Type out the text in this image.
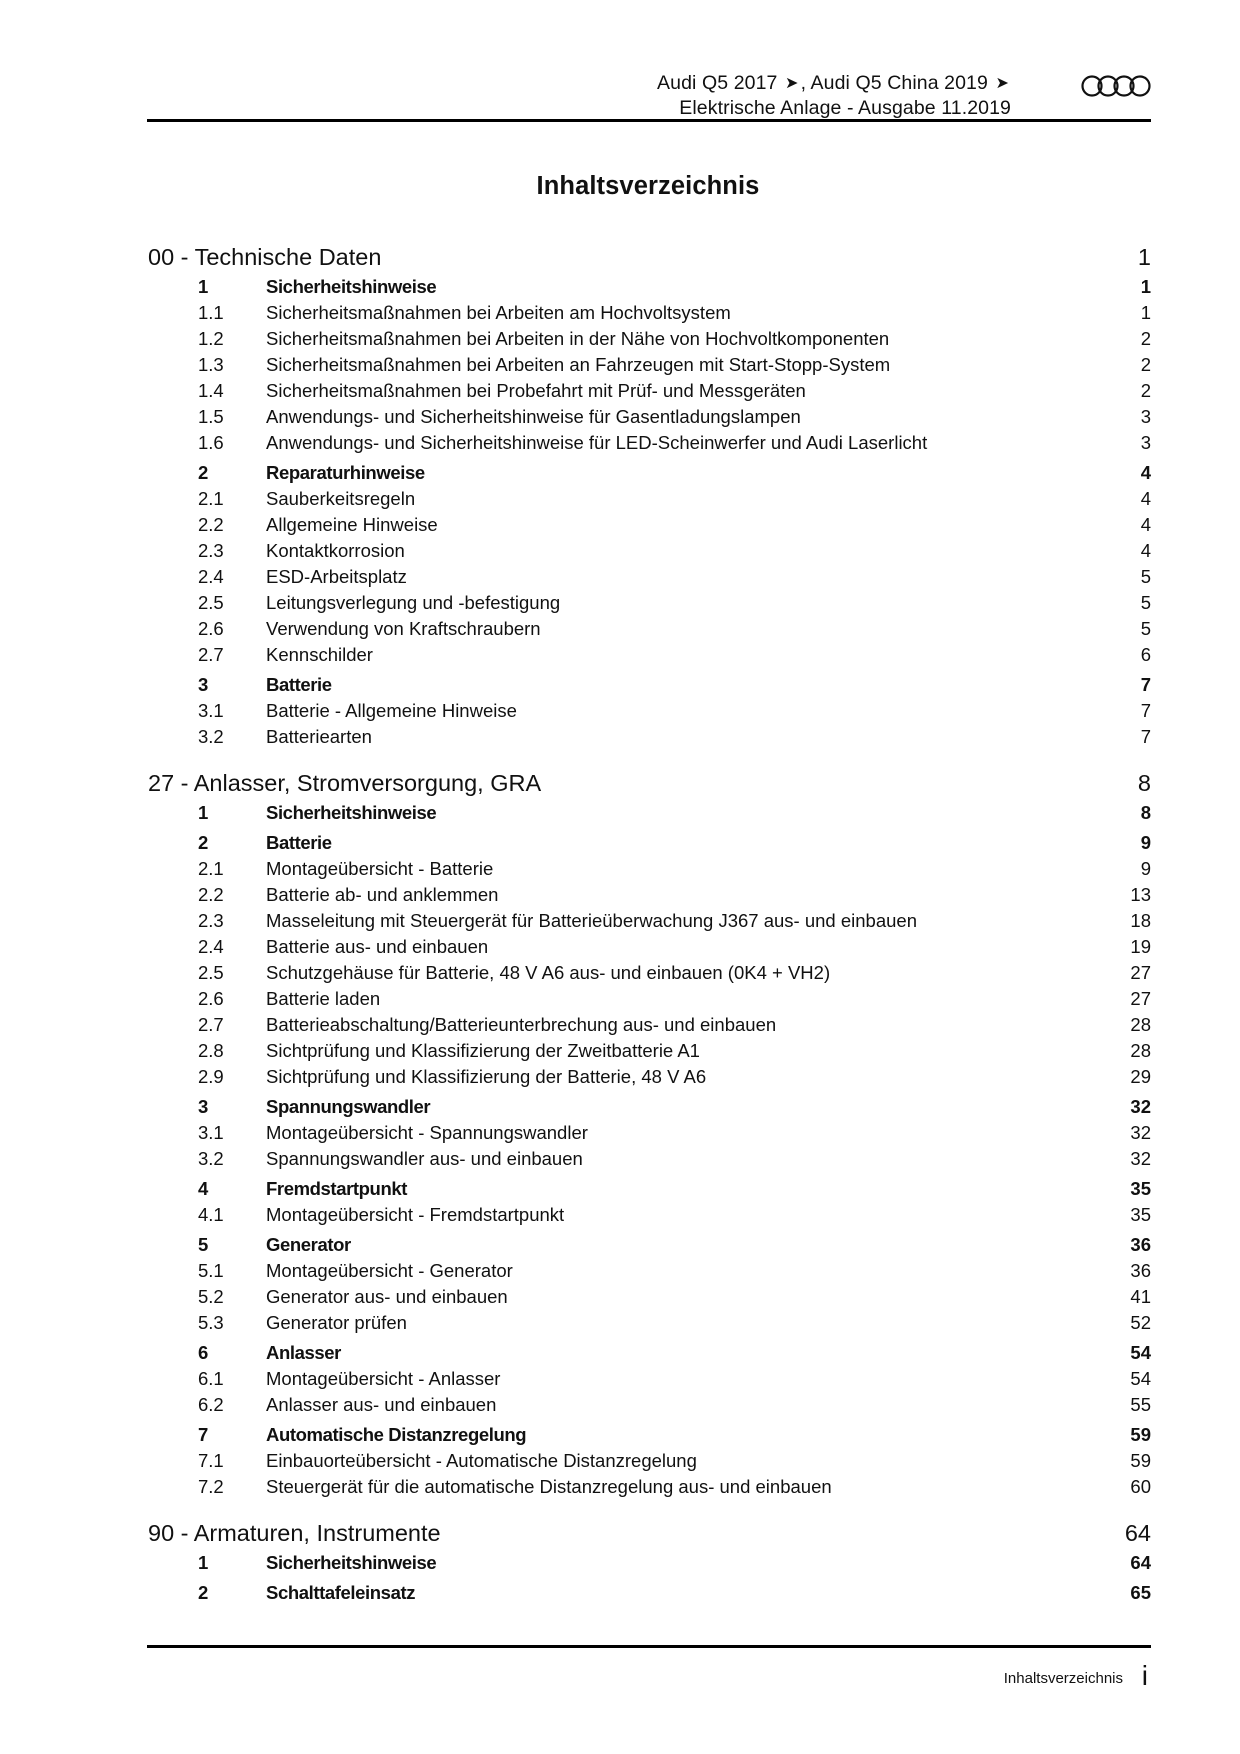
Audi Q5 2017 ➤ , Audi Q5 China 2019 ➤
Elektrische Anlage - Ausgabe 11.2019
Inhaltsverzeichnis
00 - Technische Daten	1
1	Sicherheitshinweise	1
1.1 Sicherheitsmaßnahmen bei Arbeiten am Hochvoltsystem	1
1.2 Sicherheitsmaßnahmen bei Arbeiten in der Nähe von Hochvoltkomponenten	2
1.3 Sicherheitsmaßnahmen bei Arbeiten an Fahrzeugen mit Start-Stopp-System	2
1.4 Sicherheitsmaßnahmen bei Probefahrt mit Prüf- und Messgeräten	2
1.5 Anwendungs- und Sicherheitshinweise für Gasentladungslampen	3
1.6 Anwendungs- und Sicherheitshinweise für LED-Scheinwerfer und Audi Laserlicht	3
2	Reparaturhinweise	4
2.1 Sauberkeitsregeln	4
2.2 Allgemeine Hinweise	4
2.3 Kontaktkorrosion	4
2.4 ESD-Arbeitsplatz	5
2.5 Leitungsverlegung und -befestigung	5
2.6 Verwendung von Kraftschraubern	5
2.7 Kennschilder	6
3	Batterie	7
3.1 Batterie - Allgemeine Hinweise	7
3.2 Batteriearten	7
27 - Anlasser, Stromversorgung, GRA	8
1	Sicherheitshinweise	8
2	Batterie	9
2.1 Montageübersicht - Batterie	9
2.2 Batterie ab- und anklemmen	13
2.3 Masseleitung mit Steuergerät für Batterieüberwachung J367 aus- und einbauen	18
2.4 Batterie aus- und einbauen	19
2.5 Schutzgehäuse für Batterie, 48 V A6 aus- und einbauen (0K4 + VH2)	27
2.6 Batterie laden	27
2.7 Batterieabschaltung/Batterieunterbrechung aus- und einbauen	28
2.8 Sichtprüfung und Klassifizierung der Zweitbatterie A1	28
2.9 Sichtprüfung und Klassifizierung der Batterie, 48 V A6	29
3	Spannungswandler	32
3.1 Montageübersicht - Spannungswandler	32
3.2 Spannungswandler aus- und einbauen	32
4	Fremdstartpunkt	35
4.1 Montageübersicht - Fremdstartpunkt	35
5	Generator	36
5.1 Montageübersicht - Generator	36
5.2 Generator aus- und einbauen	41
5.3 Generator prüfen	52
6	Anlasser	54
6.1 Montageübersicht - Anlasser	54
6.2 Anlasser aus- und einbauen	55
7	Automatische Distanzregelung	59
7.1 Einbauorteübersicht - Automatische Distanzregelung	59
7.2 Steuergerät für die automatische Distanzregelung aus- und einbauen	60
90 - Armaturen, Instrumente	64
1	Sicherheitshinweise	64
2	Schalttafeleinsatz	65
Inhaltsverzeichnis i
